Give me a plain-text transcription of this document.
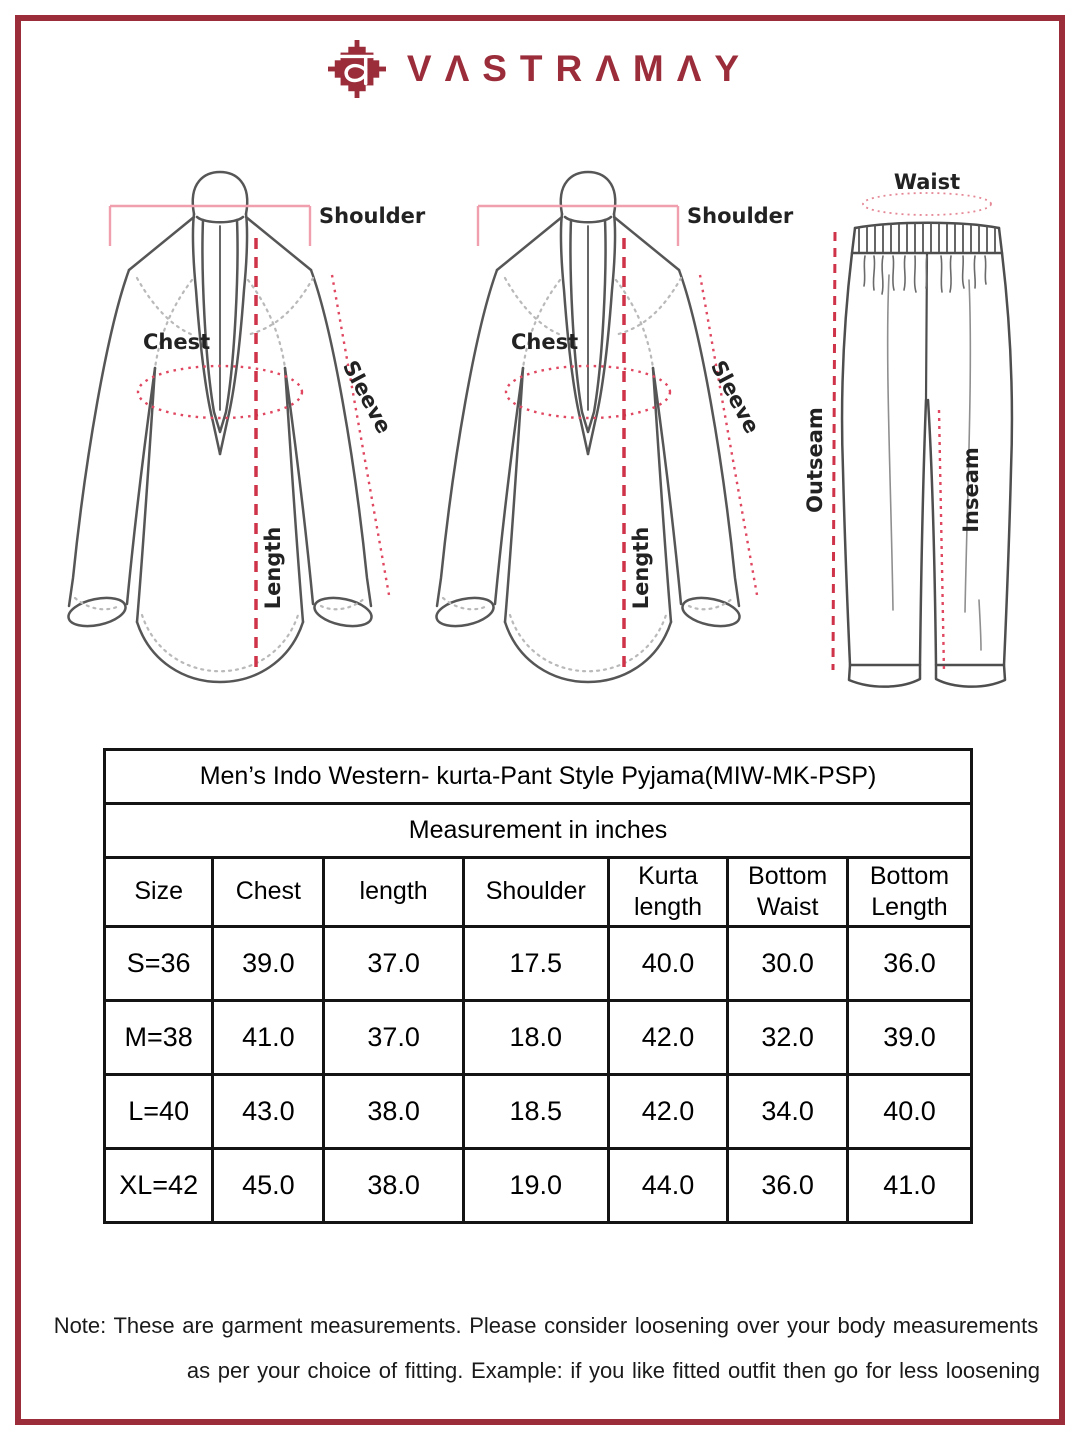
VΛSTRΛMΛY
Shoulder
Chest
Sleeve
Length
Shoulder
Chest
Sleeve
Length
Waist
Outseam	Inseam
Men’s Indo Western- kurta-Pant Style Pyjama(MIW-MK-PSP)						
Measurement in inches						
Size	Chest	length	Shoulder	Kurta length	Bottom Waist	Bottom Length
S=36	39.0	37.0	17.5	40.0	30.0	36.0
M=38	41.0	37.0	18.0	42.0	32.0	39.0
L=40	43.0	38.0	18.5	42.0	34.0	40.0
XL=42	45.0	38.0	19.0	44.0	36.0	41.0
Note: These are garment measurements. Please consider loosening over your body measurements
as per your choice of fitting. Example: if you like fitted outfit then go for less loosening
